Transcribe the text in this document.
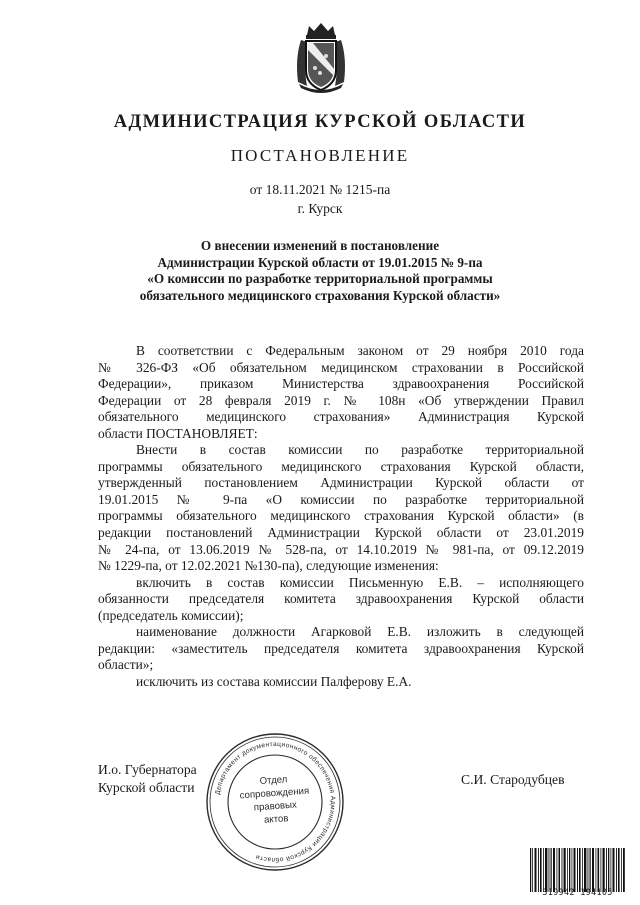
АДМИНИСТРАЦИЯ КУРСКОЙ ОБЛАСТИ
ПОСТАНОВЛЕНИЕ
от 18.11.2021 № 1215-па
г. Курск
О внесении изменений в постановление
Администрации Курской области от 19.01.2015 № 9-па
«О комиссии по разработке территориальной программы
обязательного медицинского страхования Курской области»
В соответствии с Федеральным законом от 29 ноября 2010 года
№ 326-ФЗ «Об обязательном медицинском страховании в Российской
Федерации», приказом Министерства здравоохранения Российской
Федерации от 28 февраля 2019 г. № 108н «Об утверждении Правил
обязательного медицинского страхования» Администрация Курской
области ПОСТАНОВЛЯЕТ:
Внести в состав комиссии по разработке территориальной
программы обязательного медицинского страхования Курской области,
утвержденный постановлением Администрации Курской области от
19.01.2015 № 9-па «О комиссии по разработке территориальной
программы обязательного медицинского страхования Курской области» (в
редакции постановлений Администрации Курской области от 23.01.2019
№ 24-па, от 13.06.2019 № 528-па, от 14.10.2019 № 981-па, от 09.12.2019
№ 1229-па, от 12.02.2021 №130-па), следующие изменения:
включить в состав комиссии Письменную Е.В. – исполняющего
обязанности председателя комитета здравоохранения Курской области
(председатель комиссии);
наименование должности Агарковой Е.В. изложить в следующей
редакции: «заместитель председателя комитета здравоохранения Курской
области»;
исключить из состава комиссии Палферову Е.А.
И.о. Губернатора
Курской области
С.И. Стародубцев
Департамент документационного обеспечения Администрации Курской области
Отдел
сопровождения
правовых
актов
319942 194105
